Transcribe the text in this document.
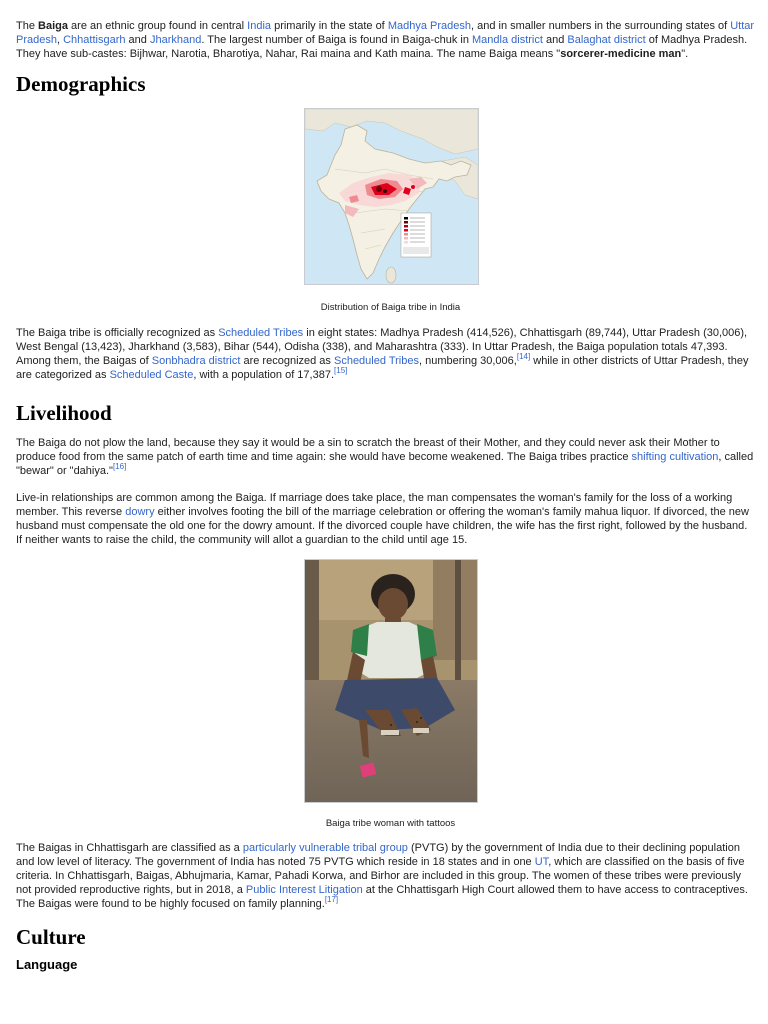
The Baiga are an ethnic group found in central India primarily in the state of Madhya Pradesh, and in smaller numbers in the surrounding states of Uttar Pradesh, Chhattisgarh and Jharkhand. The largest number of Baiga is found in Baiga-chuk in Mandla district and Balaghat district of Madhya Pradesh. They have sub-castes: Bijhwar, Narotia, Bharotiya, Nahar, Rai maina and Kath maina. The name Baiga means "sorcerer-medicine man".

Demographics
Distribution of Baiga tribe in India

The Baiga tribe is officially recognized as Scheduled Tribes in eight states: Madhya Pradesh (414,526), Chhattisgarh (89,744), Uttar Pradesh (30,006), West Bengal (13,423), Jharkhand (3,583), Bihar (544), Odisha (338), and Maharashtra (333). In Uttar Pradesh, the Baiga population totals 47,393. Among them, the Baigas of Sonbhadra district are recognized as Scheduled Tribes, numbering 30,006,[14] while in other districts of Uttar Pradesh, they are categorized as Scheduled Caste, with a population of 17,387.[15]

Livelihood

The Baiga do not plow the land, because they say it would be a sin to scratch the breast of their Mother, and they could never ask their Mother to produce food from the same patch of earth time and time again: she would have become weakened. The Baiga tribes practice shifting cultivation, called "bewar" or "dahiya."[16]

Live-in relationships are common among the Baiga. If marriage does take place, the man compensates the woman's family for the loss of a working member. This reverse dowry either involves footing the bill of the marriage celebration or offering the woman's family mahua liquor. If divorced, the new husband must compensate the old one for the dowry amount. If the divorced couple have children, the wife has the first right, followed by the husband. If neither wants to raise the child, the community will allot a guardian to the child until age 15.

Baiga tribe woman with tattoos

The Baigas in Chhattisgarh are classified as a particularly vulnerable tribal group (PVTG) by the government of India due to their declining population and low level of literacy. The government of India has noted 75 PVTG which reside in 18 states and in one UT, which are classified on the basis of five criteria. In Chhattisgarh, Baigas, Abhujmaria, Kamar, Pahadi Korwa, and Birhor are included in this group. The women of these tribes were previously not provided reproductive rights, but in 2018, a Public Interest Litigation at the Chhattisgarh High Court allowed them to have access to contraceptives. The Baigas were found to be highly focused on family planning.[17]

Culture
Language
